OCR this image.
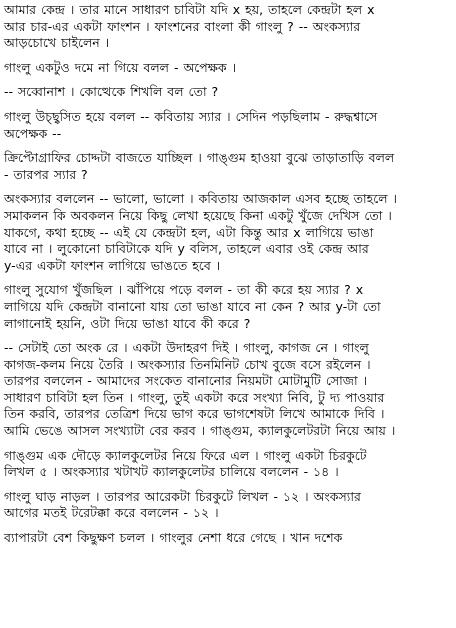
আমার কেন্দ্র । তার মানে সাধারণ চাবিটা যদি x হয়, তাহলে কেন্দ্রটা হল x
আর চার-এর একটা ফাংশন । ফাংশনের বাংলা কী গাংলু ? -- অংকস্যার
আড়চোখে চাইলেন ।

গাংলু একটুও দমে না গিয়ে বলল - অপেক্ষক ।

-- সব্বোনাশ । কোত্থেকে শিখলি বল তো ?

গাংলু উচ্ছ্বসিত হয়ে বলল -- কবিতায় স্যার । সেদিন পড়ছিলাম - রুদ্ধশ্বাসে
অপেক্ষক --

ক্রিপ্টোগ্রাফির চোদ্দটা বাজতে যাচ্ছিল । গাঙ্গুম হাওয়া বুঝে তাড়াতাড়ি বলল
- তারপর স্যার ?

অংকস্যার বললেন -- ভালো, ভালো । কবিতায় আজকাল এসব হচ্ছে তাহলে ।
সমাকলন কি অবকলন নিয়ে কিছু লেখা হয়েছে কিনা একটু খুঁজে দেখিস তো ।
যাকগে, কথা হচ্ছে -- এই যে কেন্দ্রটা হল, এটা কিন্তু আর x লাগিয়ে ভাঙা
যাবে না । লুকোনো চাবিটাকে যদি y বলিস, তাহলে এবার ওই কেন্দ্র আর
y-এর একটা ফাংশন লাগিয়ে ভাঙতে হবে ।

গাংলু সুযোগ খুঁজছিল । ঝাঁপিয়ে পড়ে বলল - তা কী করে হয় স্যার ? x
লাগিয়ে যদি কেন্দ্রটা বানানো যায় তো ভাঙা যাবে না কেন ? আর y-টা তো
লাগানোই হয়নি, ওটা দিয়ে ভাঙা যাবে কী করে ?

-- সেটাই তো অংক রে । একটা উদাহরণ দিই । গাংলু, কাগজ নে । গাংলু
কাগজ-কলম নিয়ে তৈরি । অংকস্যার তিনমিনিট চোখ বুজে বসে রইলেন ।
তারপর বললেন - আমাদের সংকেত বানানোর নিয়মটা মোটামুটি সোজা ।
সাধারণ চাবিটা হল তিন । গাংলু, তুই একটা করে সংখ্যা নিবি, টু দ্য পাওয়ার
তিন করবি, তারপর তেত্রিশ দিয়ে ভাগ করে ভাগশেষটা লিখে আমাকে দিবি ।
আমি ভেঙে আসল সংখ্যাটা বের করব । গাঙ্গুম, ক্যালকুলেটরটা নিয়ে আয় ।

গাঙ্গুম এক দৌড়ে ক্যালকুলেটর নিয়ে ফিরে এল । গাংলু একটা চিরকুটে
লিখল ৫ । অংকস্যার খটাখট ক্যালকুলেটর চালিয়ে বললেন - ১৪ ।

গাংলু ঘাড় নাড়ল । তারপর আরেকটা চিরকুটে লিখল - ১২ । অংকস্যার
আগের মতই টরেটক্কা করে বললেন - ১২ ।

ব্যাপারটা বেশ কিছুক্ষণ চলল । গাংলুর নেশা ধরে গেছে । খান দশেক
